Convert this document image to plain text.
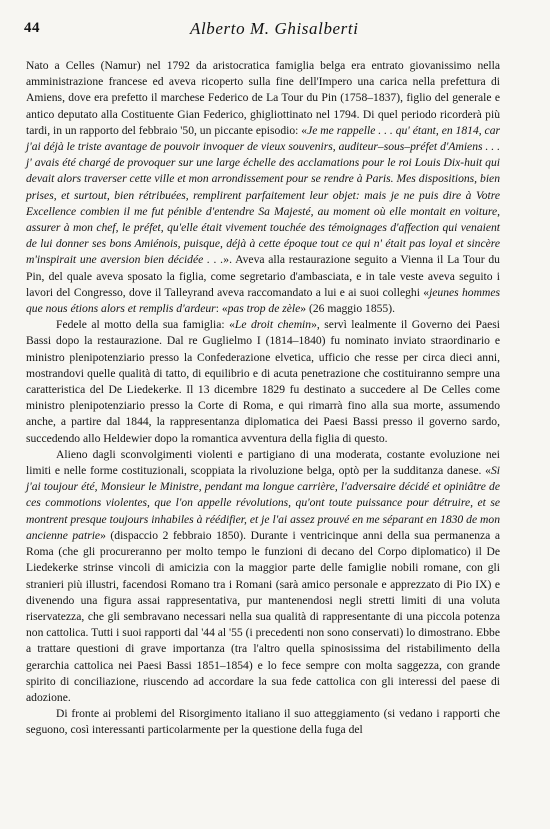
44	Alberto M. Ghisalberti

Nato a Celles (Namur) nel 1792 da aristocratica famiglia belga era entrato giovanissimo nella amministrazione francese ed aveva ricoperto sulla fine dell'Impero una carica nella prefettura di Amiens, dove era prefetto il marchese Federico de La Tour du Pin (1758–1837), figlio del generale e antico deputato alla Costituente Gian Federico, ghigliottinato nel 1794. Di quel periodo ricorderà più tardi, in un rapporto del febbraio '50, un piccante episodio: «Je me rappelle . . . qu' étant, en 1814, car j'ai déjà le triste avantage de pouvoir invoquer de vieux souvenirs, auditeur–sous–préfet d'Amiens . . . j' avais été chargé de provoquer sur une large échelle des acclamations pour le roi Louis Dix-huit qui devait alors traverser cette ville et mon arrondissement pour se rendre à Paris. Mes dispositions, bien prises, et surtout, bien rétribuées, remplirent parfaitement leur objet: mais je ne puis dire à Votre Excellence combien il me fut pénible d'entendre Sa Majesté, au moment où elle montait en voiture, assurer à mon chef, le préfet, qu'elle était vivement touchée des témoignages d'affection qui venaient de lui donner ses bons Amiénois, puisque, déjà à cette époque tout ce qui n' était pas loyal et sincère m'inspirait une aversion bien décidée . . .». Aveva alla restaurazione seguito a Vienna il La Tour du Pin, del quale aveva sposato la figlia, come segretario d'ambasciata, e in tale veste aveva seguito i lavori del Congresso, dove il Talleyrand aveva raccomandato a lui e ai suoi colleghi «jeunes hommes que nous étions alors et remplis d'ardeur: «pas trop de zèle» (26 maggio 1855).

Fedele al motto della sua famiglia: «Le droit chemin», servì lealmente il Governo dei Paesi Bassi dopo la restaurazione. Dal re Guglielmo I (1814–1840) fu nominato inviato straordinario e ministro plenipotenziario presso la Confederazione elvetica, ufficio che resse per circa dieci anni, mostrandovi quelle qualità di tatto, di equilibrio e di acuta penetrazione che costituiranno sempre una caratteristica del De Liedekerke. Il 13 dicembre 1829 fu destinato a succedere al De Celles come ministro plenipotenziario presso la Corte di Roma, e qui rimarrà fino alla sua morte, assumendo anche, a partire dal 1844, la rappresentanza diplomatica dei Paesi Bassi presso il governo sardo, succedendo allo Heldewier dopo la romantica avventura della figlia di questo.

Alieno dagli sconvolgimenti violenti e partigiano di una moderata, costante evoluzione nei limiti e nelle forme costituzionali, scoppiata la rivoluzione belga, optò per la sudditanza danese. «Si j'ai toujour été, Monsieur le Ministre, pendant ma longue carrière, l'adversaire décidé et opiniâtre de ces commotions violentes, que l'on appelle révolutions, qu'ont toute puissance pour détruire, et se montrent presque toujours inhabiles à réédifier, et je l'ai assez prouvé en me séparant en 1830 de mon ancienne patrie» (dispaccio 2 febbraio 1850). Durante i ventricinque anni della sua permanenza a Roma (che gli procureranno per molto tempo le funzioni di decano del Corpo diplomatico) il De Liedekerke strinse vincoli di amicizia con la maggior parte delle famiglie nobili romane, con gli stranieri più illustri, facendosi Romano tra i Romani (sarà amico personale e apprezzato di Pio IX) e divenendo una figura assai rappresentativa, pur mantenendosi negli stretti limiti di una voluta riservatezza, che gli sembravano necessari nella sua qualità di rappresentante di una piccola potenza non cattolica. Tutti i suoi rapporti dal '44 al '55 (i precedenti non sono conservati) lo dimostrano. Ebbe a trattare questioni di grave importanza (tra l'altro quella spinosissima del ristabilimento della gerarchia cattolica nei Paesi Bassi 1851–1854) e lo fece sempre con molta saggezza, con grande spirito di conciliazione, riuscendo ad accordare la sua fede cattolica con gli interessi del paese di adozione.

Di fronte ai problemi del Risorgimento italiano il suo atteggiamento (si vedano i rapporti che seguono, così interessanti particolarmente per la questione della fuga del
